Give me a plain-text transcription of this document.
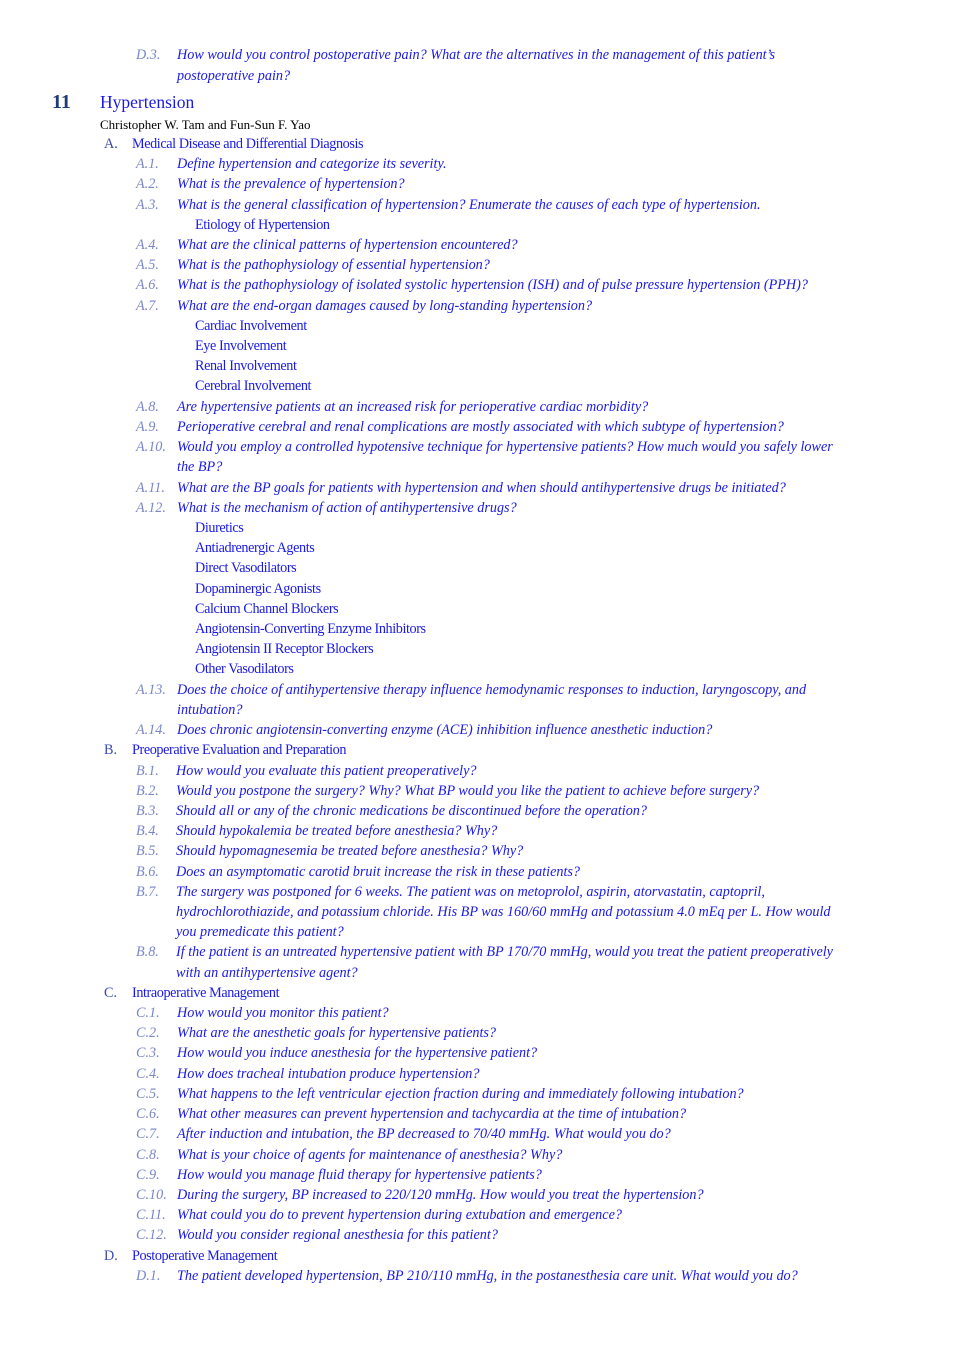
D.3. How would you control postoperative pain? What are the alternatives in the management of this patient’s
postoperative pain?
11 Hypertension
Christopher W. Tam and Fun-Sun F. Yao
A. Medical Disease and Differential Diagnosis
A.1. Define hypertension and categorize its severity.
A.2. What is the prevalence of hypertension?
A.3. What is the general classification of hypertension? Enumerate the causes of each type of hypertension.
Etiology of Hypertension
A.4. What are the clinical patterns of hypertension encountered?
A.5. What is the pathophysiology of essential hypertension?
A.6. What is the pathophysiology of isolated systolic hypertension (ISH) and of pulse pressure hypertension (PPH)?
A.7. What are the end-organ damages caused by long-standing hypertension?
Cardiac Involvement
Eye Involvement
Renal Involvement
Cerebral Involvement
A.8. Are hypertensive patients at an increased risk for perioperative cardiac morbidity?
A.9. Perioperative cerebral and renal complications are mostly associated with which subtype of hypertension?
A.10. Would you employ a controlled hypotensive technique for hypertensive patients? How much would you safely lower
the BP?
A.11. What are the BP goals for patients with hypertension and when should antihypertensive drugs be initiated?
A.12. What is the mechanism of action of antihypertensive drugs?
Diuretics
Antiadrenergic Agents
Direct Vasodilators
Dopaminergic Agonists
Calcium Channel Blockers
Angiotensin-Converting Enzyme Inhibitors
Angiotensin II Receptor Blockers
Other Vasodilators
A.13. Does the choice of antihypertensive therapy influence hemodynamic responses to induction, laryngoscopy, and
intubation?
A.14. Does chronic angiotensin-converting enzyme (ACE) inhibition influence anesthetic induction?
B. Preoperative Evaluation and Preparation
B.1. How would you evaluate this patient preoperatively?
B.2. Would you postpone the surgery? Why? What BP would you like the patient to achieve before surgery?
B.3. Should all or any of the chronic medications be discontinued before the operation?
B.4. Should hypokalemia be treated before anesthesia? Why?
B.5. Should hypomagnesemia be treated before anesthesia? Why?
B.6. Does an asymptomatic carotid bruit increase the risk in these patients?
B.7. The surgery was postponed for 6 weeks. The patient was on metoprolol, aspirin, atorvastatin, captopril,
hydrochlorothiazide, and potassium chloride. His BP was 160/60 mmHg and potassium 4.0 mEq per L. How would
you premedicate this patient?
B.8. If the patient is an untreated hypertensive patient with BP 170/70 mmHg, would you treat the patient preoperatively
with an antihypertensive agent?
C. Intraoperative Management
C.1. How would you monitor this patient?
C.2. What are the anesthetic goals for hypertensive patients?
C.3. How would you induce anesthesia for the hypertensive patient?
C.4. How does tracheal intubation produce hypertension?
C.5. What happens to the left ventricular ejection fraction during and immediately following intubation?
C.6. What other measures can prevent hypertension and tachycardia at the time of intubation?
C.7. After induction and intubation, the BP decreased to 70/40 mmHg. What would you do?
C.8. What is your choice of agents for maintenance of anesthesia? Why?
C.9. How would you manage fluid therapy for hypertensive patients?
C.10. During the surgery, BP increased to 220/120 mmHg. How would you treat the hypertension?
C.11. What could you do to prevent hypertension during extubation and emergence?
C.12. Would you consider regional anesthesia for this patient?
D. Postoperative Management
D.1. The patient developed hypertension, BP 210/110 mmHg, in the postanesthesia care unit. What would you do?
